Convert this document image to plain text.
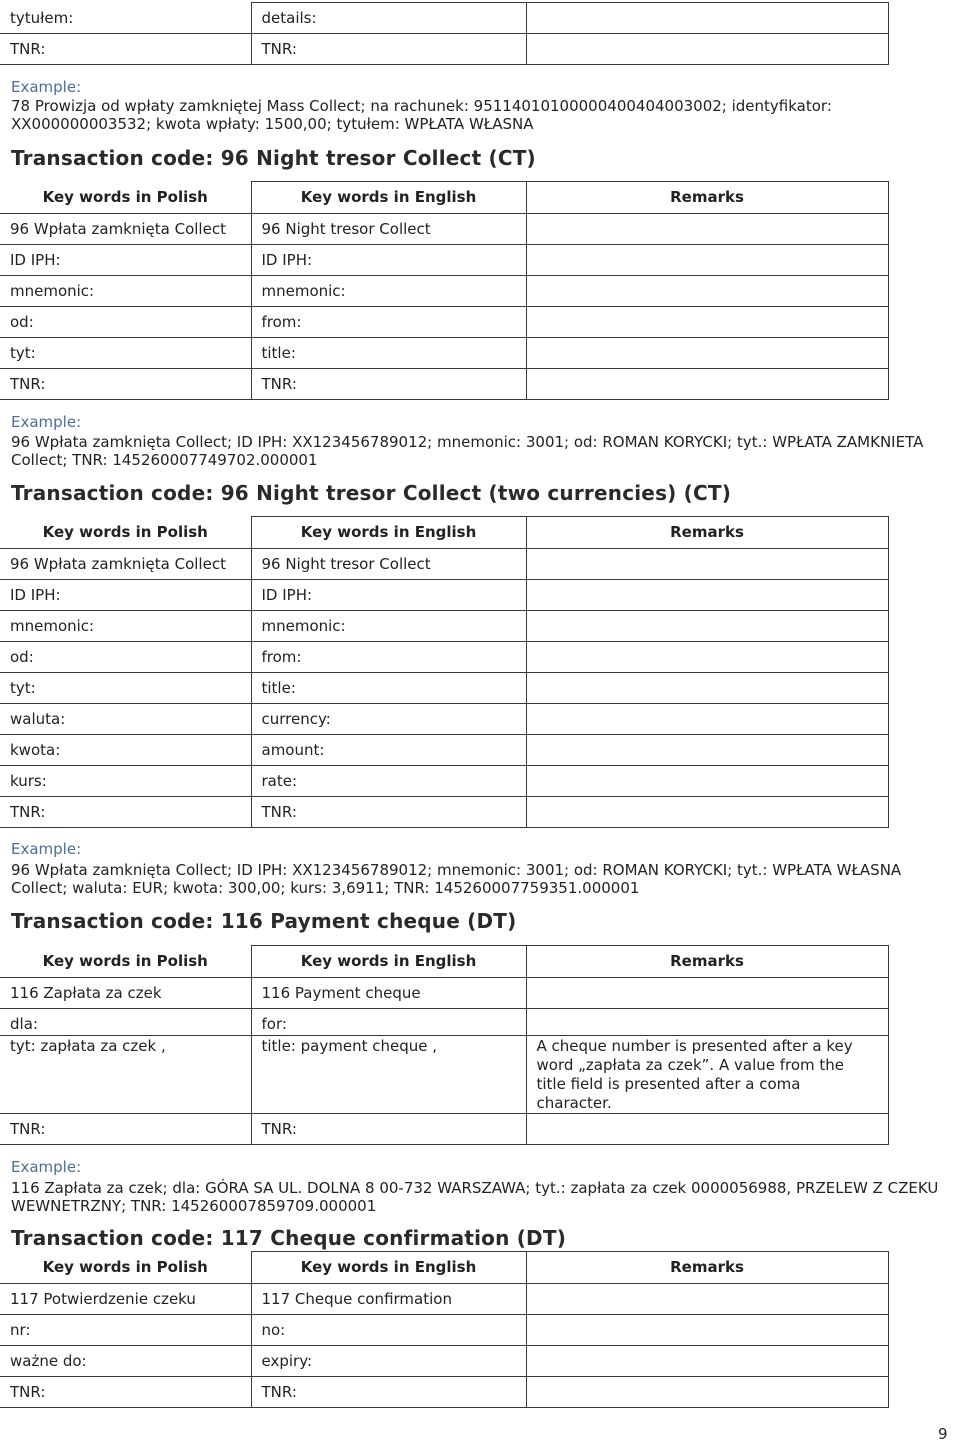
tytułem:	details:	
TNR:	TNR:	
Example:
78 Prowizja od wpłaty zamkniętej Mass Collect; na rachunek: 95114010100000400404003002; identyfikator: XX000000003532; kwota wpłaty: 1500,00; tytułem: WPŁATA WŁASNA
Transaction code: 96 Night tresor Collect (CT)
Key words in Polish	Key words in English	Remarks
96 Wpłata zamknięta Collect	96 Night tresor Collect	
ID IPH:	ID IPH:	
mnemonic:	mnemonic:	
od:	from:	
tyt:	title:	
TNR:	TNR:	
Example:
96 Wpłata zamknięta Collect; ID IPH: XX123456789012; mnemonic: 3001; od: ROMAN KORYCKI; tyt.: WPŁATA ZAMKNIETA Collect; TNR: 145260007749702.000001
Transaction code: 96 Night tresor Collect (two currencies) (CT)
Key words in Polish	Key words in English	Remarks
96 Wpłata zamknięta Collect	96 Night tresor Collect	
ID IPH:	ID IPH:	
mnemonic:	mnemonic:	
od:	from:	
tyt:	title:	
waluta:	currency:	
kwota:	amount:	
kurs:	rate:	
TNR:	TNR:	
Example:
96 Wpłata zamknięta Collect; ID IPH: XX123456789012; mnemonic: 3001; od: ROMAN KORYCKI; tyt.: WPŁATA WŁASNA Collect; waluta: EUR; kwota: 300,00; kurs: 3,6911; TNR: 145260007759351.000001
Transaction code: 116 Payment cheque (DT)
Key words in Polish	Key words in English	Remarks
116 Zapłata za czek	116 Payment cheque	
dla:	for:	
tyt: zapłata za czek ,	title: payment cheque ,	A cheque number is presented after a key word „zapłata za czek”. A value from the title field is presented after a coma character.
TNR:	TNR:	
Example:
116 Zapłata za czek; dla: GÓRA SA UL. DOLNA 8 00-732 WARSZAWA; tyt.: zapłata za czek 0000056988, PRZELEW Z CZEKU WEWNETRZNY; TNR: 145260007859709.000001
Transaction code: 117 Cheque confirmation (DT)
Key words in Polish	Key words in English	Remarks
117 Potwierdzenie czeku	117 Cheque confirmation	
nr:	no:	
ważne do:	expiry:	
TNR:	TNR:	
9
